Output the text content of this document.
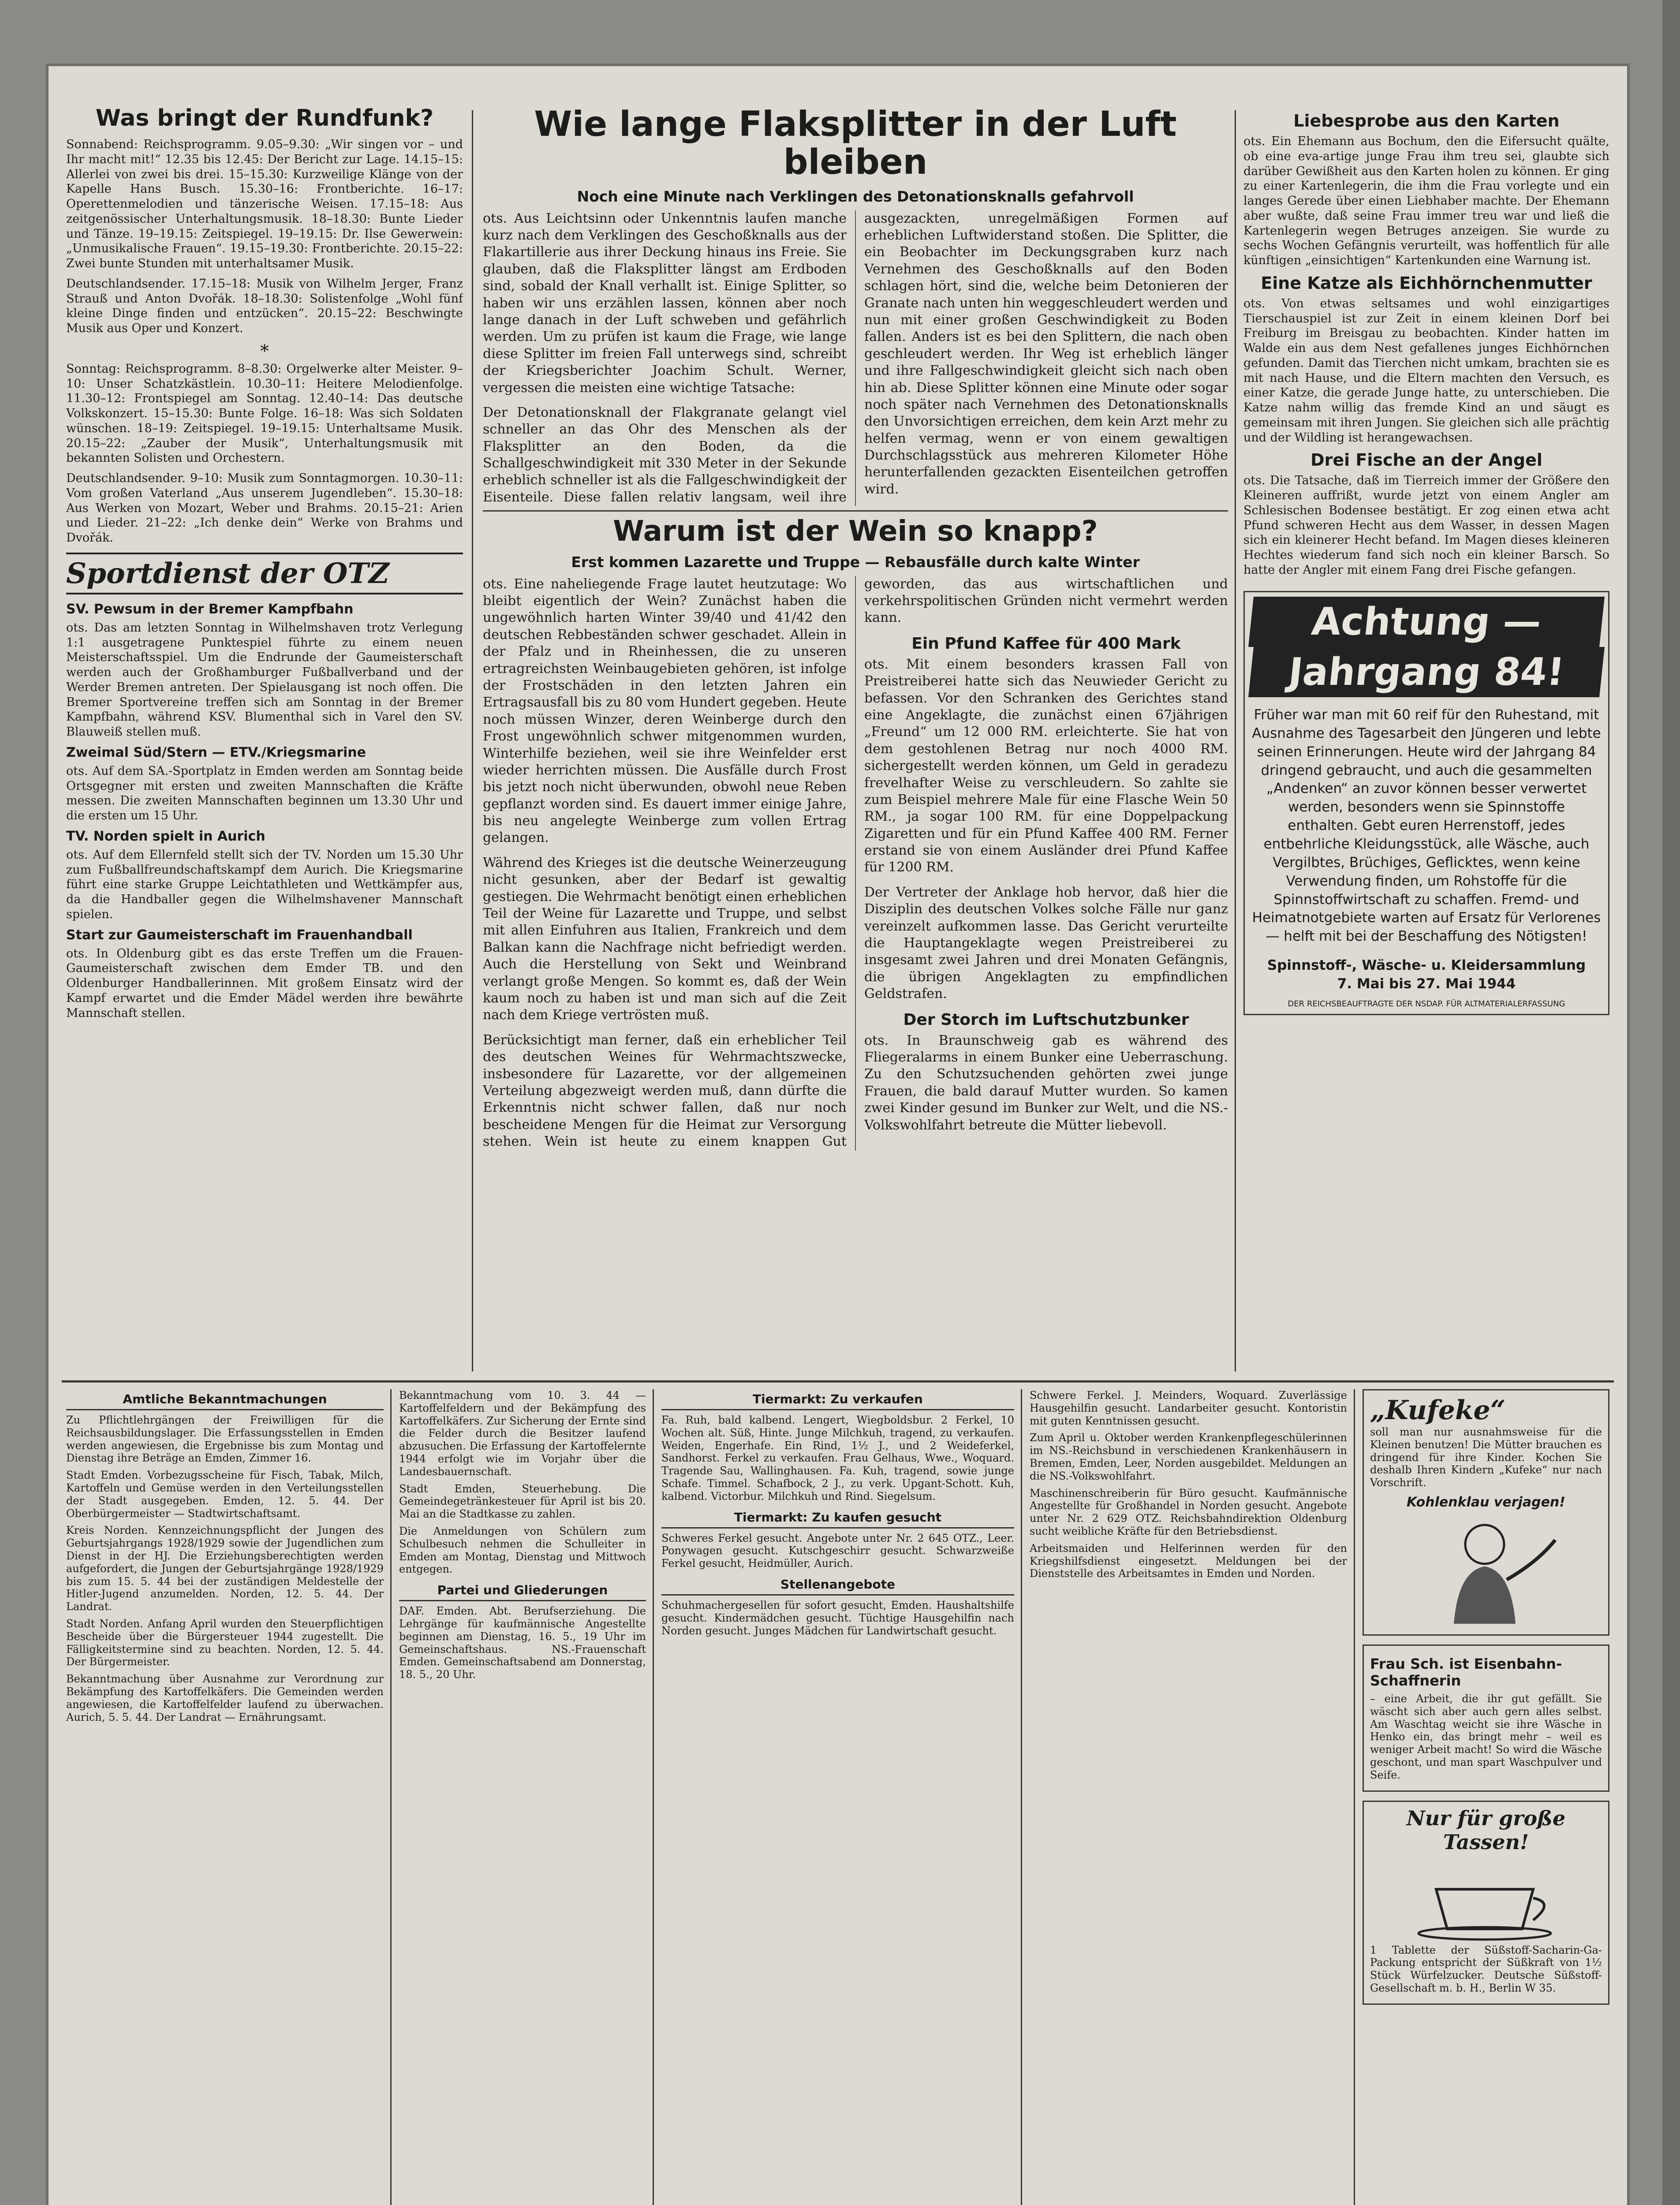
Was bringt der Rundfunk?

Sonnabend: Reichsprogramm. 9.05–9.30: „Wir singen vor – und Ihr macht mit!“ 12.35 bis 12.45: Der Bericht zur Lage. 14.15–15: Allerlei von zwei bis drei. 15–15.30: Kurzweilige Klänge von der Kapelle Hans Busch. 15.30–16: Frontberichte. 16–17: Operettenmelodien und tänzerische Weisen. 17.15–18: Aus zeitgenössischer Unterhaltungsmusik. 18–18.30: Bunte Lieder und Tänze. 19–19.15: Zeitspiegel. 19–19.15: Dr. Ilse Gewerwein: „Unmusikalische Frauen“. 19.15–19.30: Frontberichte. 20.15–22: Zwei bunte Stunden mit unterhaltsamer Musik.

Deutschlandsender. 17.15–18: Musik von Wilhelm Jerger, Franz Strauß und Anton Dvořák. 18–18.30: Solistenfolge „Wohl fünf kleine Dinge finden und entzücken“. 20.15–22: Beschwingte Musik aus Oper und Konzert.

*

Sonntag: Reichsprogramm. 8–8.30: Orgelwerke alter Meister. 9–10: Unser Schatzkästlein. 10.30–11: Heitere Melodienfolge. 11.30–12: Frontspiegel am Sonntag. 12.40–14: Das deutsche Volkskonzert. 15–15.30: Bunte Folge. 16–18: Was sich Soldaten wünschen. 18–19: Zeitspiegel. 19–19.15: Unterhaltsame Musik. 20.15–22: „Zauber der Musik“, Unterhaltungsmusik mit bekannten Solisten und Orchestern.

Deutschlandsender. 9–10: Musik zum Sonntagmorgen. 10.30–11: Vom großen Vaterland „Aus unserem Jugendleben“. 15.30–18: Aus Werken von Mozart, Weber und Brahms. 20.15–21: Arien und Lieder. 21–22: „Ich denke dein“ Werke von Brahms und Dvořák.

Sportdienst der OTZ
SV. Pewsum in der Bremer Kampfbahn

ots. Das am letzten Sonntag in Wilhelmshaven trotz Verlegung 1:1 ausgetragene Punktespiel führte zu einem neuen Meisterschaftsspiel. Um die Endrunde der Gaumeisterschaft werden auch der Großhamburger Fußballverband und der Werder Bremen antreten. Der Spielausgang ist noch offen. Die Bremer Sportvereine treffen sich am Sonntag in der Bremer Kampfbahn, während KSV. Blumenthal sich in Varel den SV. Blauweiß stellen muß.

Zweimal Süd/Stern — ETV./Kriegsmarine

ots. Auf dem SA.-Sportplatz in Emden werden am Sonntag beide Ortsgegner mit ersten und zweiten Mannschaften die Kräfte messen. Die zweiten Mannschaften beginnen um 13.30 Uhr und die ersten um 15 Uhr.

TV. Norden spielt in Aurich

ots. Auf dem Ellernfeld stellt sich der TV. Norden um 15.30 Uhr zum Fußballfreundschaftskampf dem Aurich. Die Kriegsmarine führt eine starke Gruppe Leichtathleten und Wettkämpfer aus, da die Handballer gegen die Wilhelmshavener Mannschaft spielen.

Start zur Gaumeisterschaft im Frauenhandball

ots. In Oldenburg gibt es das erste Treffen um die Frauen-Gaumeisterschaft zwischen dem Emder TB. und den Oldenburger Handballerinnen. Mit großem Einsatz wird der Kampf erwartet und die Emder Mädel werden ihre bewährte Mannschaft stellen.

Wie lange Flaksplitter in der Luft bleiben
Noch eine Minute nach Verklingen des Detonationsknalls gefahrvoll

ots. Aus Leichtsinn oder Unkenntnis laufen manche kurz nach dem Verklingen des Geschoßknalls aus der Flakartillerie aus ihrer Deckung hinaus ins Freie. Sie glauben, daß die Flaksplitter längst am Erdboden sind, sobald der Knall verhallt ist. Einige Splitter, so haben wir uns erzählen lassen, können aber noch lange danach in der Luft schweben und gefährlich werden. Um zu prüfen ist kaum die Frage, wie lange diese Splitter im freien Fall unterwegs sind, schreibt der Kriegsberichter Joachim Schult. Werner, vergessen die meisten eine wichtige Tatsache:

Der Detonationsknall der Flakgranate gelangt viel schneller an das Ohr des Menschen als der Flaksplitter an den Boden, da die Schallgeschwindigkeit mit 330 Meter in der Sekunde erheblich schneller ist als die Fallgeschwindigkeit der Eisenteile. Diese fallen relativ langsam, weil ihre ausgezackten, unregelmäßigen Formen auf erheblichen Luftwiderstand stoßen. Die Splitter, die ein Beobachter im Deckungsgraben kurz nach Vernehmen des Geschoßknalls auf den Boden schlagen hört, sind die, welche beim Detonieren der Granate nach unten hin weggeschleudert werden und nun mit einer großen Geschwindigkeit zu Boden fallen. Anders ist es bei den Splittern, die nach oben geschleudert werden. Ihr Weg ist erheblich länger und ihre Fallgeschwindigkeit gleicht sich nach oben hin ab. Diese Splitter können eine Minute oder sogar noch später nach Vernehmen des Detonationsknalls den Unvorsichtigen erreichen, dem kein Arzt mehr zu helfen vermag, wenn er von einem gewaltigen Durchschlagsstück aus mehreren Kilometer Höhe herunterfallenden gezackten Eisenteilchen getroffen wird.

Warum ist der Wein so knapp?
Erst kommen Lazarette und Truppe — Rebausfälle durch kalte Winter

ots. Eine naheliegende Frage lautet heutzutage: Wo bleibt eigentlich der Wein? Zunächst haben die ungewöhnlich harten Winter 39/40 und 41/42 den deutschen Rebbeständen schwer geschadet. Allein in der Pfalz und in Rheinhessen, die zu unseren ertragreichsten Weinbaugebieten gehören, ist infolge der Frostschäden in den letzten Jahren ein Ertragsausfall bis zu 80 vom Hundert gegeben. Heute noch müssen Winzer, deren Weinberge durch den Frost ungewöhnlich schwer mitgenommen wurden, Winterhilfe beziehen, weil sie ihre Weinfelder erst wieder herrichten müssen. Die Ausfälle durch Frost bis jetzt noch nicht überwunden, obwohl neue Reben gepflanzt worden sind. Es dauert immer einige Jahre, bis neu angelegte Weinberge zum vollen Ertrag gelangen.

Während des Krieges ist die deutsche Weinerzeugung nicht gesunken, aber der Bedarf ist gewaltig gestiegen. Die Wehrmacht benötigt einen erheblichen Teil der Weine für Lazarette und Truppe, und selbst mit allen Einfuhren aus Italien, Frankreich und dem Balkan kann die Nachfrage nicht befriedigt werden. Auch die Herstellung von Sekt und Weinbrand verlangt große Mengen. So kommt es, daß der Wein kaum noch zu haben ist und man sich auf die Zeit nach dem Kriege vertrösten muß.

Berücksichtigt man ferner, daß ein erheblicher Teil des deutschen Weines für Wehrmachtszwecke, insbesondere für Lazarette, vor der allgemeinen Verteilung abgezweigt werden muß, dann dürfte die Erkenntnis nicht schwer fallen, daß nur noch bescheidene Mengen für die Heimat zur Versorgung stehen. Wein ist heute zu einem knappen Gut geworden, das aus wirtschaftlichen und verkehrspolitischen Gründen nicht vermehrt werden kann.

Ein Pfund Kaffee für 400 Mark

ots. Mit einem besonders krassen Fall von Preistreiberei hatte sich das Neuwieder Gericht zu befassen. Vor den Schranken des Gerichtes stand eine Angeklagte, die zunächst einen 67jährigen „Freund“ um 12 000 RM. erleichterte. Sie hat von dem gestohlenen Betrag nur noch 4000 RM. sichergestellt werden können, um Geld in geradezu frevelhafter Weise zu verschleudern. So zahlte sie zum Beispiel mehrere Male für eine Flasche Wein 50 RM., ja sogar 100 RM. für eine Doppelpackung Zigaretten und für ein Pfund Kaffee 400 RM. Ferner erstand sie von einem Ausländer drei Pfund Kaffee für 1200 RM.

Der Vertreter der Anklage hob hervor, daß hier die Disziplin des deutschen Volkes solche Fälle nur ganz vereinzelt aufkommen lasse. Das Gericht verurteilte die Hauptangeklagte wegen Preistreiberei zu insgesamt zwei Jahren und drei Monaten Gefängnis, die übrigen Angeklagten zu empfindlichen Geldstrafen.

Der Storch im Luftschutzbunker

ots. In Braunschweig gab es während des Fliegeralarms in einem Bunker eine Ueberraschung. Zu den Schutzsuchenden gehörten zwei junge Frauen, die bald darauf Mutter wurden. So kamen zwei Kinder gesund im Bunker zur Welt, und die NS.-Volkswohlfahrt betreute die Mütter liebevoll.

Liebesprobe aus den Karten

ots. Ein Ehemann aus Bochum, den die Eifersucht quälte, ob eine eva-artige junge Frau ihm treu sei, glaubte sich darüber Gewißheit aus den Karten holen zu können. Er ging zu einer Kartenlegerin, die ihm die Frau vorlegte und ein langes Gerede über einen Liebhaber machte. Der Ehemann aber wußte, daß seine Frau immer treu war und ließ die Kartenlegerin wegen Betruges anzeigen. Sie wurde zu sechs Wochen Gefängnis verurteilt, was hoffentlich für alle künftigen „einsichtigen“ Kartenkunden eine Warnung ist.

Eine Katze als Eichhörnchenmutter

ots. Von etwas seltsames und wohl einzigartiges Tierschauspiel ist zur Zeit in einem kleinen Dorf bei Freiburg im Breisgau zu beobachten. Kinder hatten im Walde ein aus dem Nest gefallenes junges Eichhörnchen gefunden. Damit das Tierchen nicht umkam, brachten sie es mit nach Hause, und die Eltern machten den Versuch, es einer Katze, die gerade Junge hatte, zu unterschieben. Die Katze nahm willig das fremde Kind an und säugt es gemeinsam mit ihren Jungen. Sie gleichen sich alle prächtig und der Wildling ist herangewachsen.

Drei Fische an der Angel

ots. Die Tatsache, daß im Tierreich immer der Größere den Kleineren auffrißt, wurde jetzt von einem Angler am Schlesischen Bodensee bestätigt. Er zog einen etwa acht Pfund schweren Hecht aus dem Wasser, in dessen Magen sich ein kleinerer Hecht befand. Im Magen dieses kleineren Hechtes wiederum fand sich noch ein kleiner Barsch. So hatte der Angler mit einem Fang drei Fische gefangen.

Achtung —
Jahrgang 84!
Früher war man mit 60 reif für den Ruhestand, mit Ausnahme des Tagesarbeit den Jüngeren und lebte seinen Erinnerungen. Heute wird der Jahrgang 84 dringend gebraucht, und auch die gesammelten „Andenken“ an zuvor können besser verwertet werden, besonders wenn sie Spinnstoffe enthalten. Gebt euren Herrenstoff, jedes entbehrliche Kleidungsstück, alle Wäsche, auch Vergilbtes, Brüchiges, Geflicktes, wenn keine Verwendung finden, um Rohstoffe für die Spinnstoffwirtschaft zu schaffen. Fremd- und Heimatnotgebiete warten auf Ersatz für Verlorenes — helft mit bei der Beschaffung des Nötigsten!
Spinnstoff-, Wäsche- u. Kleidersammlung
7. Mai bis 27. Mai 1944
DER REICHSBEAUFTRAGTE DER NSDAP. FÜR ALTMATERIALERFASSUNG
Amtliche Bekanntmachungen

Zu Pflichtlehrgängen der Freiwilligen für die Reichsausbildungslager. Die Erfassungsstellen in Emden werden angewiesen, die Ergebnisse bis zum Montag und Dienstag ihre Beträge an Emden, Zimmer 16.

Stadt Emden. Vorbezugsscheine für Fisch, Tabak, Milch, Kartoffeln und Gemüse werden in den Verteilungsstellen der Stadt ausgegeben. Emden, 12. 5. 44. Der Oberbürgermeister — Stadtwirtschaftsamt.

Kreis Norden. Kennzeichnungspflicht der Jungen des Geburtsjahrgangs 1928/1929 sowie der Jugendlichen zum Dienst in der HJ. Die Erziehungsberechtigten werden aufgefordert, die Jungen der Geburtsjahrgänge 1928/1929 bis zum 15. 5. 44 bei der zuständigen Meldestelle der Hitler-Jugend anzumelden. Norden, 12. 5. 44. Der Landrat.

Stadt Norden. Anfang April wurden den Steuerpflichtigen Bescheide über die Bürgersteuer 1944 zugestellt. Die Fälligkeitstermine sind zu beachten. Norden, 12. 5. 44. Der Bürgermeister.

Bekanntmachung über Ausnahme zur Verordnung zur Bekämpfung des Kartoffelkäfers. Die Gemeinden werden angewiesen, die Kartoffelfelder laufend zu überwachen. Aurich, 5. 5. 44. Der Landrat — Ernährungsamt.

Bekanntmachung vom 10. 3. 44 — Kartoffelfeldern und der Bekämpfung des Kartoffelkäfers. Zur Sicherung der Ernte sind die Felder durch die Besitzer laufend abzusuchen. Die Erfassung der Kartoffelernte 1944 erfolgt wie im Vorjahr über die Landesbauernschaft.

Stadt Emden, Steuerhebung. Die Gemeindegetränkesteuer für April ist bis 20. Mai an die Stadtkasse zu zahlen.

Die Anmeldungen von Schülern zum Schulbesuch nehmen die Schulleiter in Emden am Montag, Dienstag und Mittwoch entgegen.

Partei und Gliederungen

DAF. Emden. Abt. Berufserziehung. Die Lehrgänge für kaufmännische Angestellte beginnen am Dienstag, 16. 5., 19 Uhr im Gemeinschaftshaus. NS.-Frauenschaft Emden. Gemeinschaftsabend am Donnerstag, 18. 5., 20 Uhr.

Tiermarkt: Zu verkaufen

Fa. Ruh, bald kalbend. Lengert, Wiegboldsbur. 2 Ferkel, 10 Wochen alt. Süß, Hinte. Junge Milchkuh, tragend, zu verkaufen. Weiden, Engerhafe. Ein Rind, 1½ J., und 2 Weideferkel, Sandhorst. Ferkel zu verkaufen. Frau Gelhaus, Wwe., Woquard. Tragende Sau, Wallinghausen. Fa. Kuh, tragend, sowie junge Schafe. Timmel. Schafbock, 2 J., zu verk. Upgant-Schott. Kuh, kalbend. Victorbur. Milchkuh und Rind. Siegelsum.

Tiermarkt: Zu kaufen gesucht

Schweres Ferkel gesucht. Angebote unter Nr. 2 645 OTZ., Leer. Ponywagen gesucht. Kutschgeschirr gesucht. Schwarzweiße Ferkel gesucht, Heidmüller, Aurich.

Stellenangebote

Schuhmachergesellen für sofort gesucht, Emden. Haushaltshilfe gesucht. Kindermädchen gesucht. Tüchtige Hausgehilfin nach Norden gesucht. Junges Mädchen für Landwirtschaft gesucht.

Schwere Ferkel. J. Meinders, Woquard. Zuverlässige Hausgehilfin gesucht. Landarbeiter gesucht. Kontoristin mit guten Kenntnissen gesucht.

Zum April u. Oktober werden Krankenpflegeschülerinnen im NS.-Reichsbund in verschiedenen Krankenhäusern in Bremen, Emden, Leer, Norden ausgebildet. Meldungen an die NS.-Volkswohlfahrt.

Maschinenschreiberin für Büro gesucht. Kaufmännische Angestellte für Großhandel in Norden gesucht. Angebote unter Nr. 2 629 OTZ. Reichsbahndirektion Oldenburg sucht weibliche Kräfte für den Betriebsdienst.

Arbeitsmaiden und Helferinnen werden für den Kriegshilfsdienst eingesetzt. Meldungen bei der Dienststelle des Arbeitsamtes in Emden und Norden.

„Kufeke“

soll man nur ausnahmsweise für die Kleinen benutzen! Die Mütter brauchen es dringend für ihre Kinder. Kochen Sie deshalb Ihren Kindern „Kufeke“ nur nach Vorschrift.

Kohlenklau verjagen!
Frau Sch. ist Eisenbahn-Schaffnerin

– eine Arbeit, die ihr gut gefällt. Sie wäscht sich aber auch gern alles selbst. Am Waschtag weicht sie ihre Wäsche in Henko ein, das bringt mehr – weil es weniger Arbeit macht! So wird die Wäsche geschont, und man spart Waschpulver und Seife.

Nur für große Tassen!

1 Tablette der Süßstoff-Sacharin-Ga-Packung entspricht der Süßkraft von 1½ Stück Würfelzucker. Deutsche Süßstoff-Gesellschaft m. b. H., Berlin W 35.
